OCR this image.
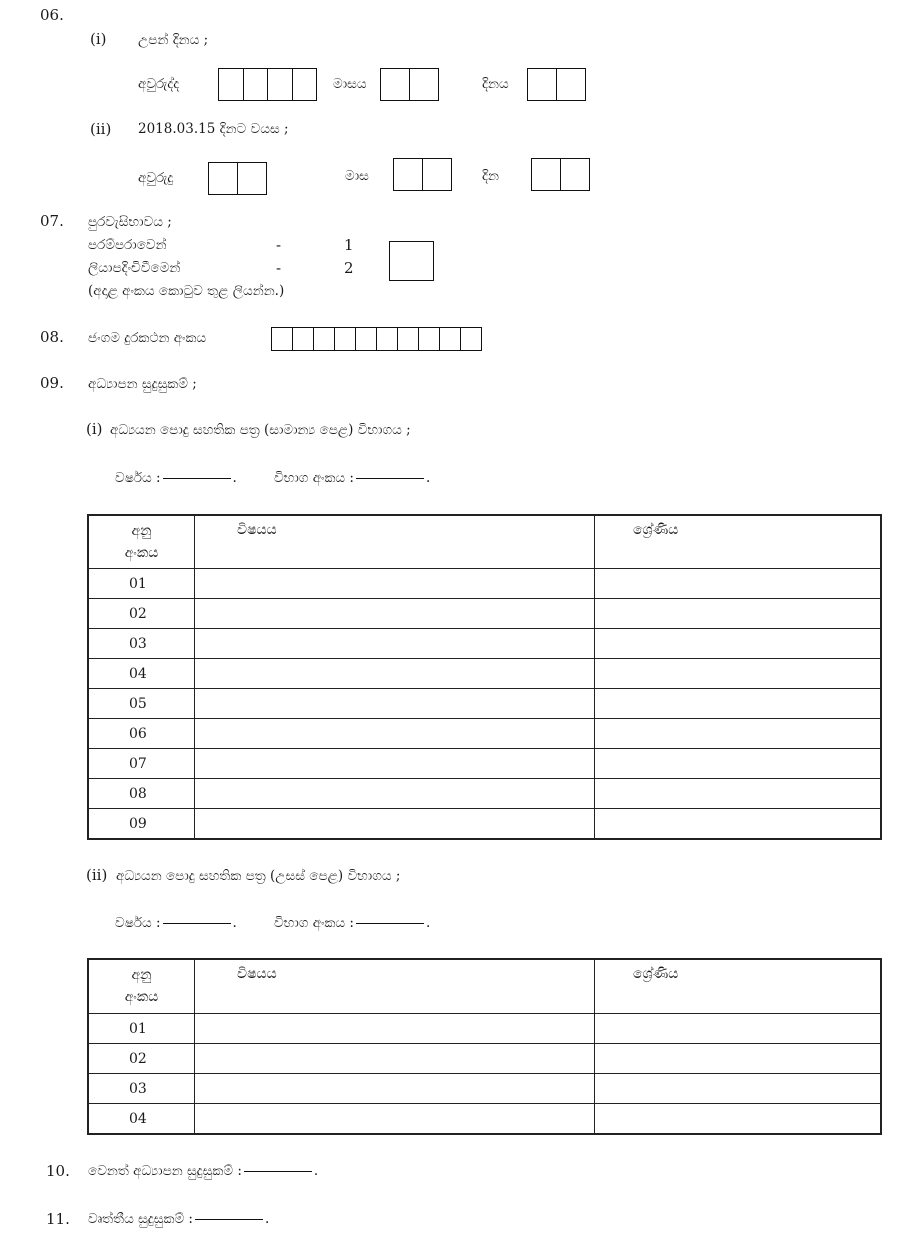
06.
(i) උපන් දිනය ;
අවුරුද්ද	මාසය	දිනය
(ii) 2018.03.15 දිනට වයස ;
අවුරුදු	මාස	දින
07. පුරවැසිභාවය ;
පරම්පරාවෙන්	-	1
ලියාපදිංචිවීමෙන්	-	2
(අදාළ අංකය කොටුව තුළ ලියන්න.)
08. ජංගම දුරකථන අංකය
09. අධ්‍යාපන සුදුසුකම් ;
(i) අධ්‍යයන පොදු සහතික පත්‍ර (සාමාන්‍ය පෙළ) විභාගය ;
වර්ෂය :	.	විභාග අංකය :	.
අනු
අංකය	විෂයය	ශ්‍රේණිය
01		
02		
03		
04		
05		
06		
07		
08		
09		
(ii) අධ්‍යයන පොදු සහතික පත්‍ර (උසස් පෙළ) විභාගය ;
වර්ෂය :	.	විභාග අංකය :	.
අනු
අංකය	විෂයය	ශ්‍රේණිය
01		
02		
03		
04		
10. වෙනත් අධ්‍යාපන සුදුසුකම් :	.
11. වෘත්තීය සුදුසුකම් :	.
